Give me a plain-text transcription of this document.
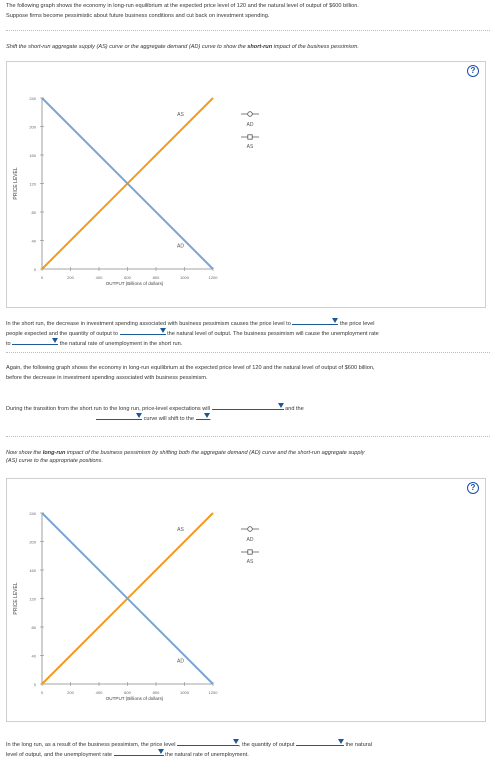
The following graph shows the economy in long-run equilibrium at the expected price level of 120 and the natural level of output of $600 billion.
Suppose firms become pessimistic about future business conditions and cut back on investment spending.
Shift the short-run aggregate supply (AS) curve or the aggregate demand (AD) curve to show the short-run impact of the business pessimism.
?
0
40
80
120
160
200
240
0	200	400	600	800	1000	1200
PRICE LEVEL
OUTPUT (Billions of dollars)
AS
AD
AD
AS
In the short run, the decrease in investment spending associated with business pessimism causes the price level to	the price level
people expected and the quantity of output to	the natural level of output. The business pessimism will cause the unemployment rate
to	the natural rate of unemployment in the short run.
Again, the following graph shows the economy in long-run equilibrium at the expected price level of 120 and the natural level of output of $600 billion,
before the decrease in investment spending associated with business pessimism.
During the transition from the short run to the long run, price-level expectations will	and the

curve will shift to the	.
Now show the long-run impact of the business pessimism by shifting both the aggregate demand (AD) curve and the short-run aggregate supply
(AS) curve to the appropriate positions.
?
0
40
80
120
160
200
240
0	200	400	600	800	1000	1200
PRICE LEVEL
OUTPUT (Billions of dollars)
AS
AD
AD
AS
In the long run, as a result of the business pessimism, the price level	, the quantity of output	the natural
level of output, and the unemployment rate	the natural rate of unemployment.
